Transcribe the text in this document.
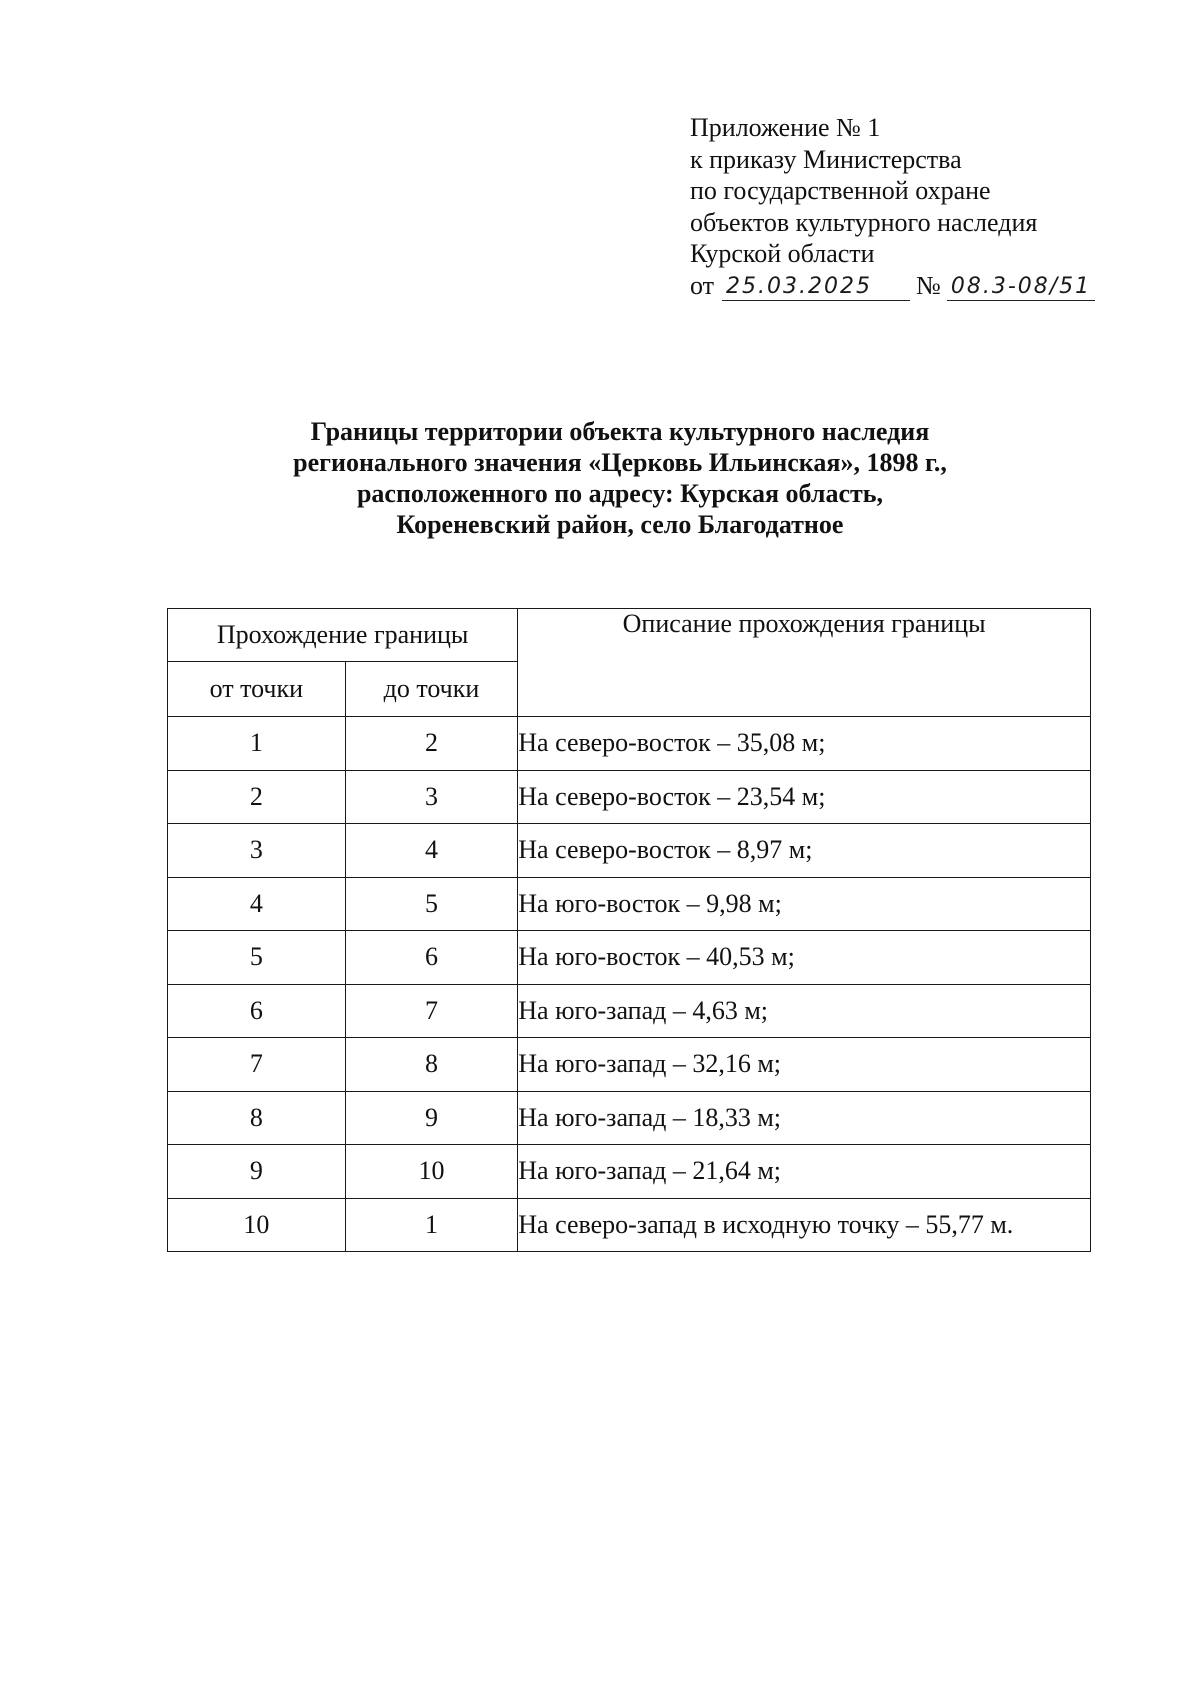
Приложение № 1
к приказу Министерства
по государственной охране
объектов культурного наследия
Курской области
от 25.03.2025	№ 08.3-08/51
Границы территории объекта культурного наследия
регионального значения «Церковь Ильинская», 1898 г.,
расположенного по адресу: Курская область,
Кореневский район, село Благодатное
Прохождение границы		Описание прохождения границы
от точки	до точки	
1	2	На северо-восток – 35,08 м;
2	3	На северо-восток – 23,54 м;
3	4	На северо-восток – 8,97 м;
4	5	На юго-восток – 9,98 м;
5	6	На юго-восток – 40,53 м;
6	7	На юго-запад – 4,63 м;
7	8	На юго-запад – 32,16 м;
8	9	На юго-запад – 18,33 м;
9	10	На юго-запад – 21,64 м;
10	1	На северо-запад в исходную точку – 55,77 м.
